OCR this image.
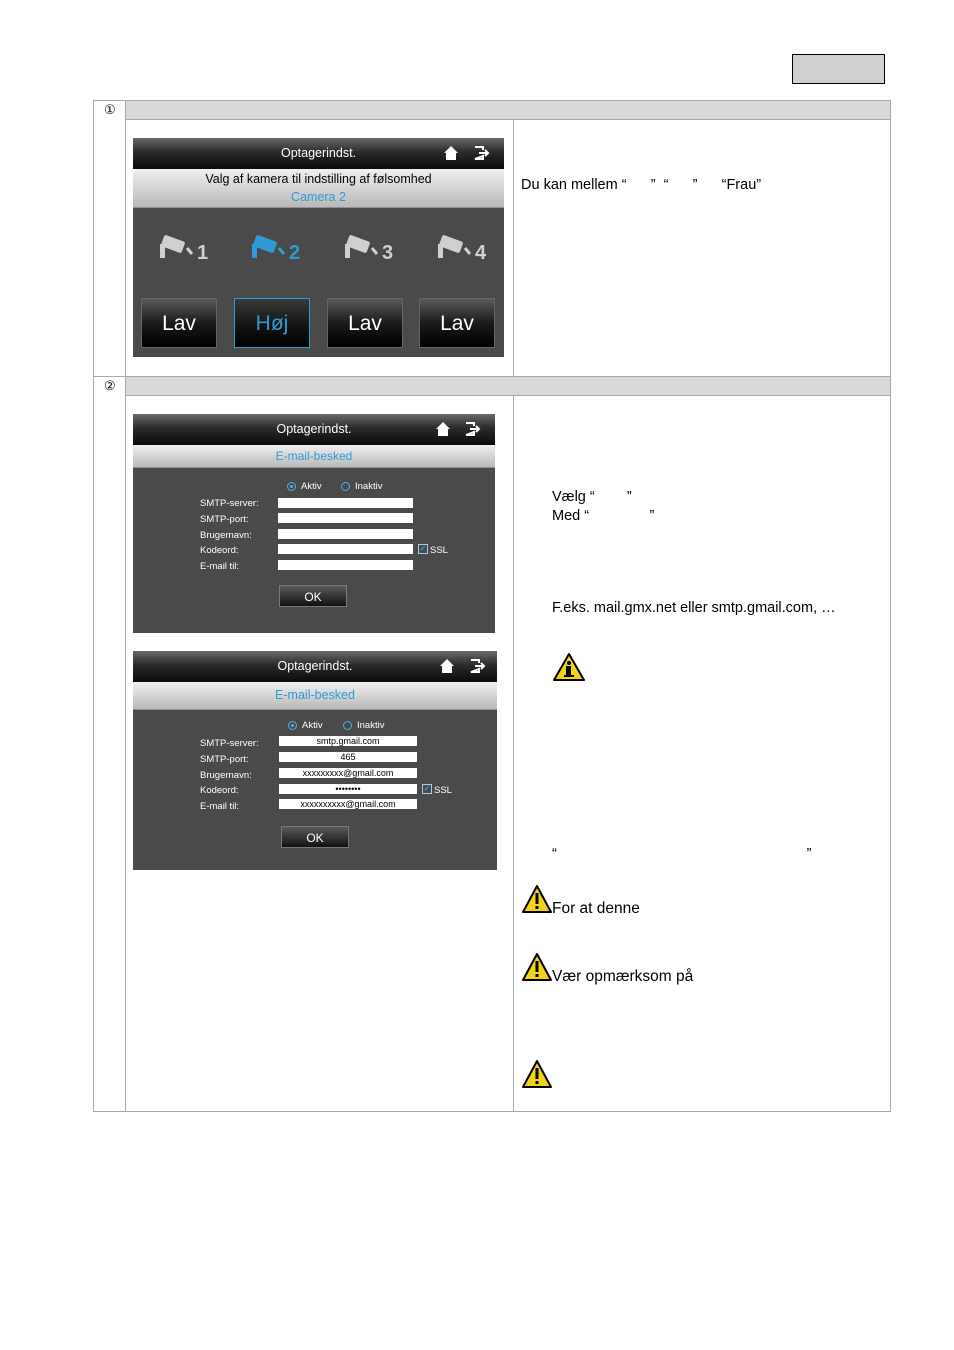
①
②
Optagerindst.
Valg af kamera til indstilling af følsomhed
Camera 2
1	2	3	4
Lav	Høj	Lav	Lav
Du kan mellem “      ”  “      ”      “Frau”
Optagerindst.
E-mail-besked
Aktiv	Inaktiv
SMTP-server:
SMTP-port:
Brugernavn:
Kodeord:	✓ SSL
E-mail til:
OK
Optagerindst.
E-mail-besked
Aktiv	Inaktiv
SMTP-server:	smtp.gmail.com
SMTP-port:	465
Brugernavn:	xxxxxxxxx@gmail.com
Kodeord:	••••••••	✓ SSL
E-mail til:	xxxxxxxxxx@gmail.com
OK
Vælg “        ”
Med “               ”
F.eks. mail.gmx.net eller smtp.gmail.com, …
“                                                              ”
For at denne
Vær opmærksom på
